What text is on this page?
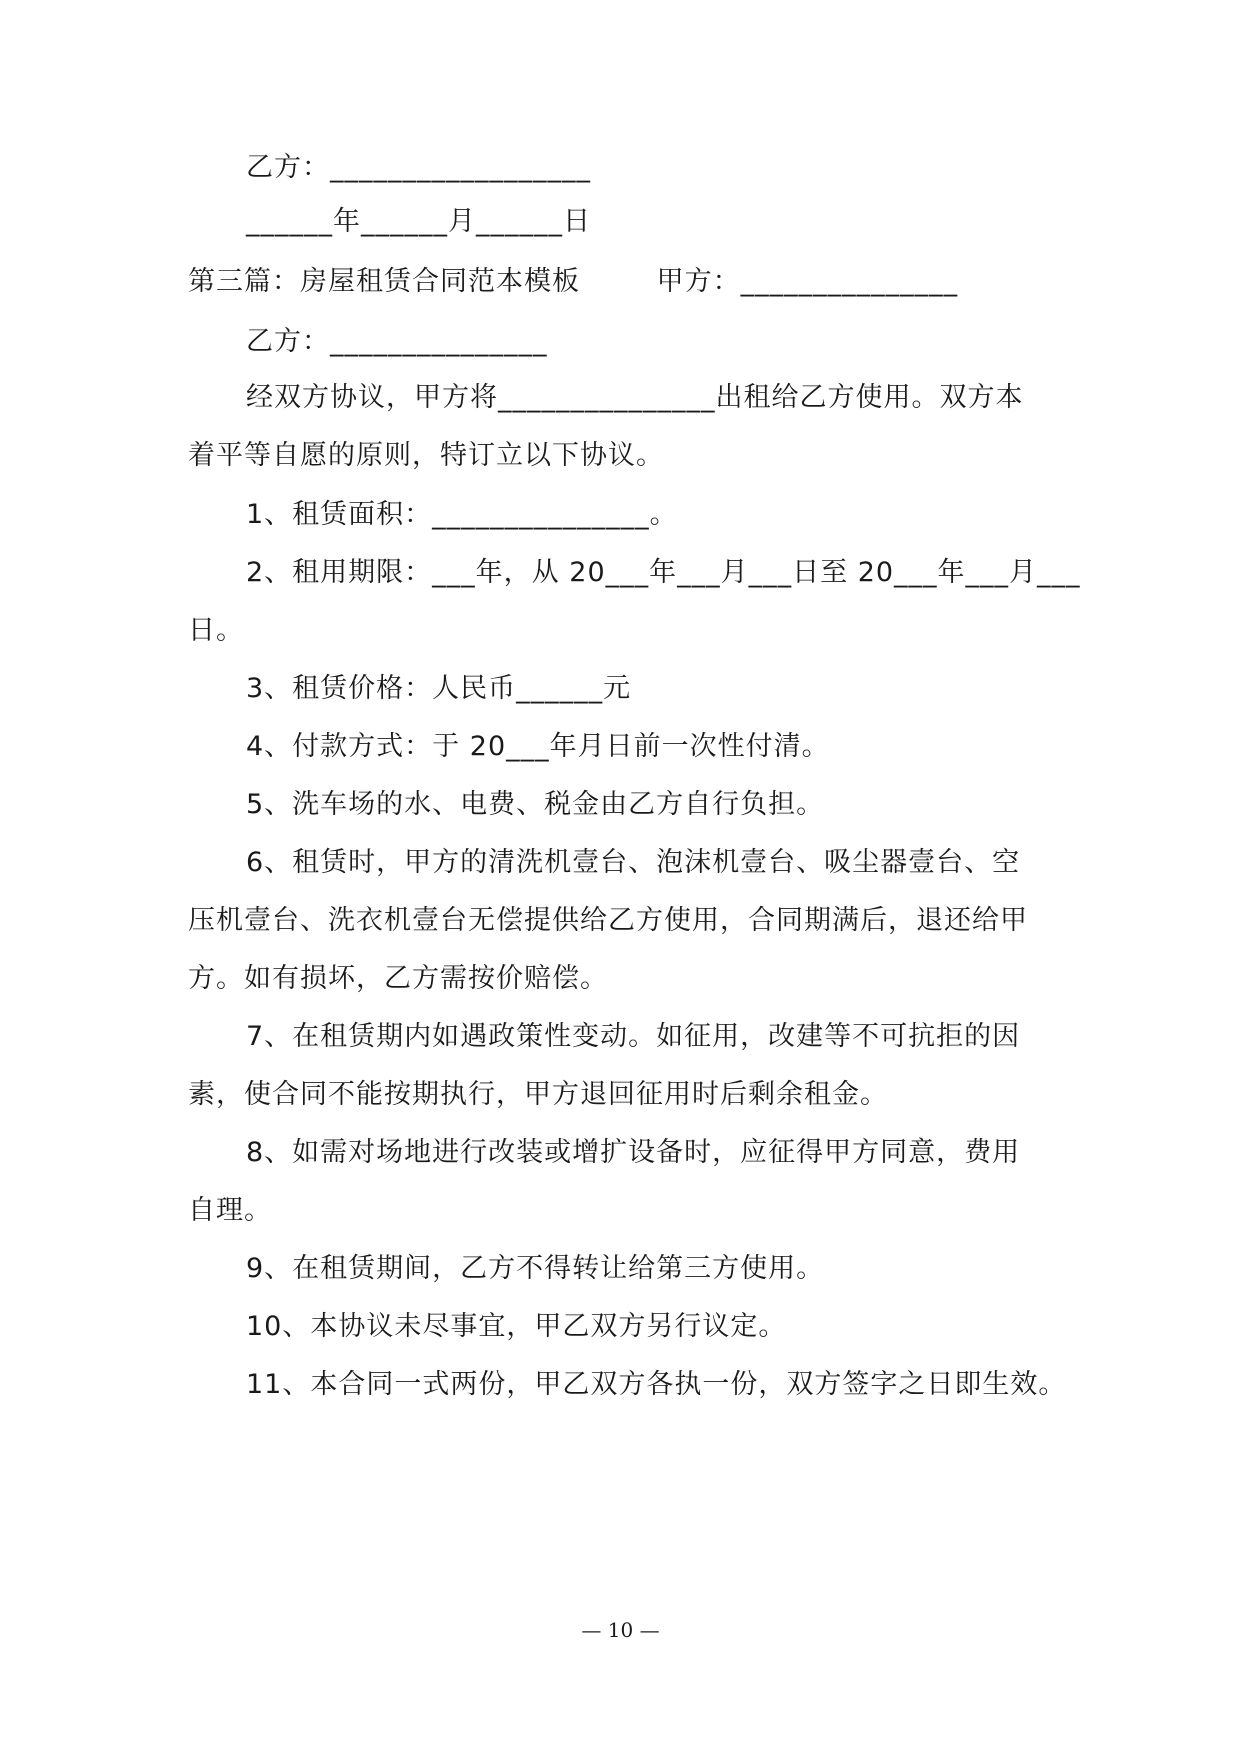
乙方：__________________
______年______月______日
第三篇：房屋租赁合同范本模板        甲方：_______________
乙方：_______________
经双方协议，甲方将_______________出租给乙方使用。双方本
着平等自愿的原则，特订立以下协议。
1、租赁面积：_______________。
2、租用期限：___年，从 20___年___月___日至 20___年___月___
日。
3、租赁价格：人民币______元
4、付款方式：于 20___年月日前一次性付清。
5、洗车场的水、电费、税金由乙方自行负担。
6、租赁时，甲方的清洗机壹台、泡沫机壹台、吸尘器壹台、空
压机壹台、洗衣机壹台无偿提供给乙方使用，合同期满后，退还给甲
方。如有损坏，乙方需按价赔偿。
7、在租赁期内如遇政策性变动。如征用，改建等不可抗拒的因
素，使合同不能按期执行，甲方退回征用时后剩余租金。
8、如需对场地进行改装或增扩设备时，应征得甲方同意，费用
自理。
9、在租赁期间，乙方不得转让给第三方使用。
10、本协议未尽事宜，甲乙双方另行议定。
11、本合同一式两份，甲乙双方各执一份，双方签字之日即生效。
— 10 —
